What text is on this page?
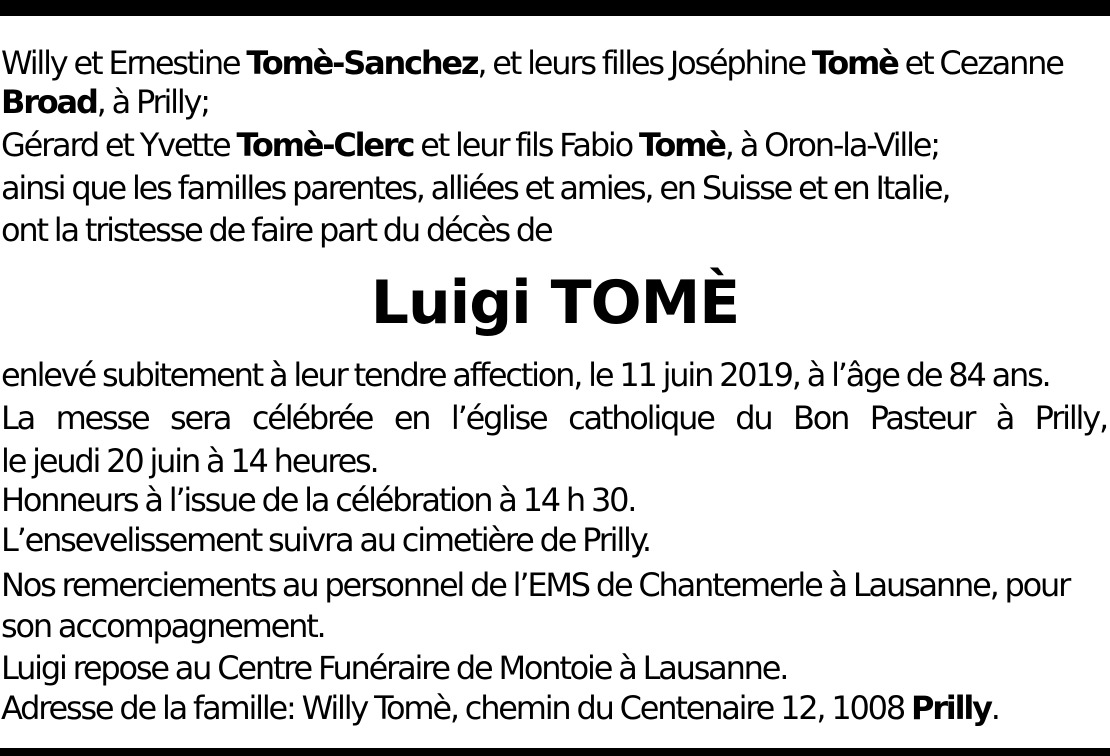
Willy et Ernestine Tomè-Sanchez, et leurs filles Joséphine Tomè et Cezanne
Broad, à Prilly;
Gérard et Yvette Tomè-Clerc et leur fils Fabio Tomè, à Oron-la-Ville;
ainsi que les familles parentes, alliées et amies, en Suisse et en Italie,
ont la tristesse de faire part du décès de
Luigi TOMÈ
enlevé subitement à leur tendre affection, le 11 juin 2019, à l’âge de 84 ans.
La messe sera célébrée en l’église catholique du Bon Pasteur à Prilly,
le jeudi 20 juin à 14 heures.
Honneurs à l’issue de la célébration à 14 h 30.
L’ensevelissement suivra au cimetière de Prilly.
Nos remerciements au personnel de l’EMS de Chantemerle à Lausanne, pour
son accompagnement.
Luigi repose au Centre Funéraire de Montoie à Lausanne.
Adresse de la famille: Willy Tomè, chemin du Centenaire 12, 1008 Prilly.
